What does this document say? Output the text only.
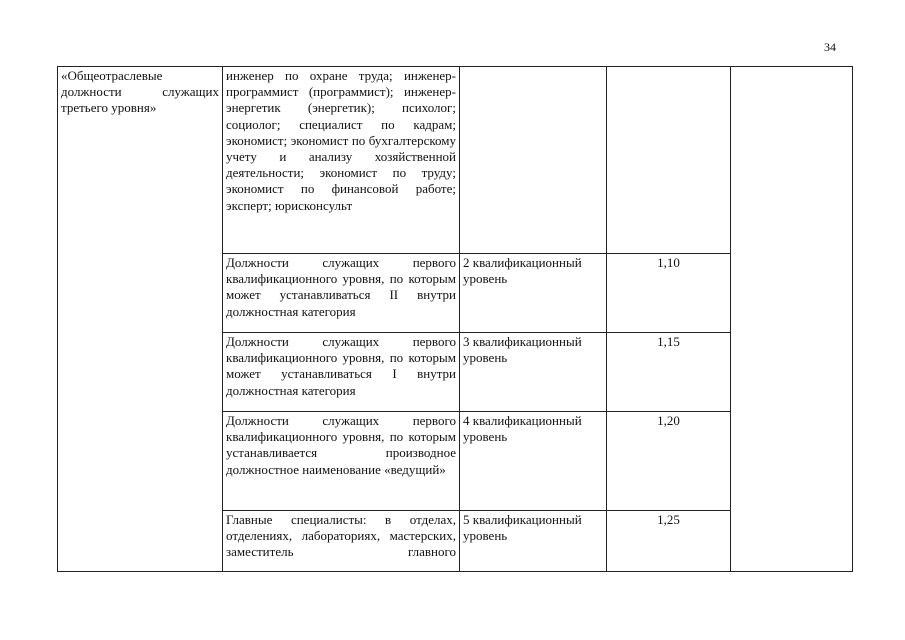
34
«Общеотраслевые должности служащих третьего уровня»	инженер по охране труда; инженер-программист (программист); инженер-энергетик (энергетик); психолог; социолог; специалист по кадрам; экономист; экономист по бухгалтерскому учету и анализу хозяйственной деятельности; экономист по труду; экономист по финансовой работе; эксперт; юрисконсульт			

	Должности служащих первого квалификационного уровня, по которым может устанавливаться II внутри должностная категория	2 квалификационный уровень	1,10	

	Должности служащих первого квалификационного уровня, по которым может устанавливаться I внутри должностная категория	3 квалификационный уровень	1,15	

	Должности служащих первого квалификационного уровня, по которым устанавливается производное должностное наименование «ведущий»	4 квалификационный уровень	1,20	

	Главные специалисты: в отделах, отделениях, лабораториях, мастерских, заместитель главного	5 квалификационный уровень	1,25	
